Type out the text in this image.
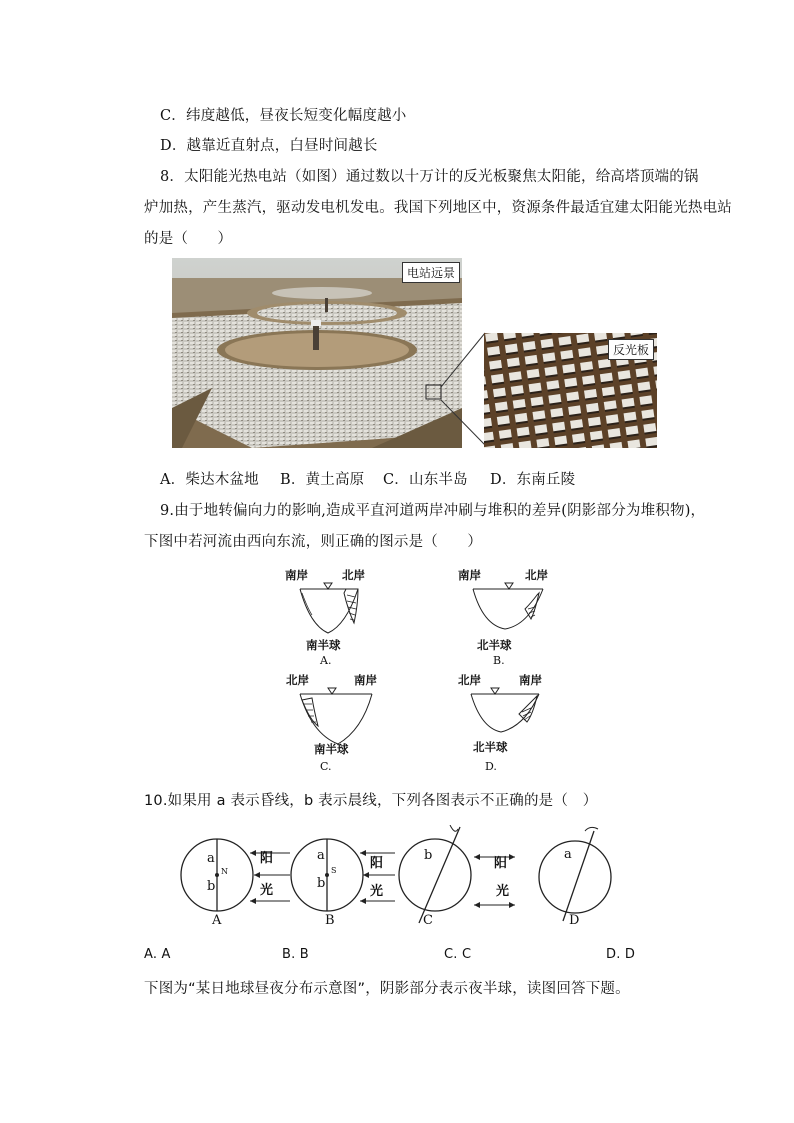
C．纬度越低，昼夜长短变化幅度越小
D．越靠近直射点，白昼时间越长
8．太阳能光热电站（如图）通过数以十万计的反光板聚焦太阳能，给高塔顶端的锅
炉加热，产生蒸汽，驱动发电机发电。我国下列地区中，资源条件最适宜建太阳能光热电站
的是（　　）
电站远景
反光板
A．柴达木盆地 B．黄土高原 C．山东半岛 D．东南丘陵
9.由于地转偏向力的影响,造成平直河道两岸冲刷与堆积的差异(阴影部分为堆积物)，
下图中若河流由西向东流，则正确的图示是（　　）
南岸	北岸
南半球
A.
南岸	北岸
北半球
B.
北岸	南岸
南半球
C.
北岸	南岸
北半球
D.
10.如果用 a 表示昏线，b 表示晨线，下列各图表示不正确的是（　）
a
b
N
阳
光
A
a
b
S	阳
光
B
b
阳
光
C
a
D
A. A	B. B	C. C	D. D
下图为“某日地球昼夜分布示意图”，阴影部分表示夜半球，读图回答下题。
